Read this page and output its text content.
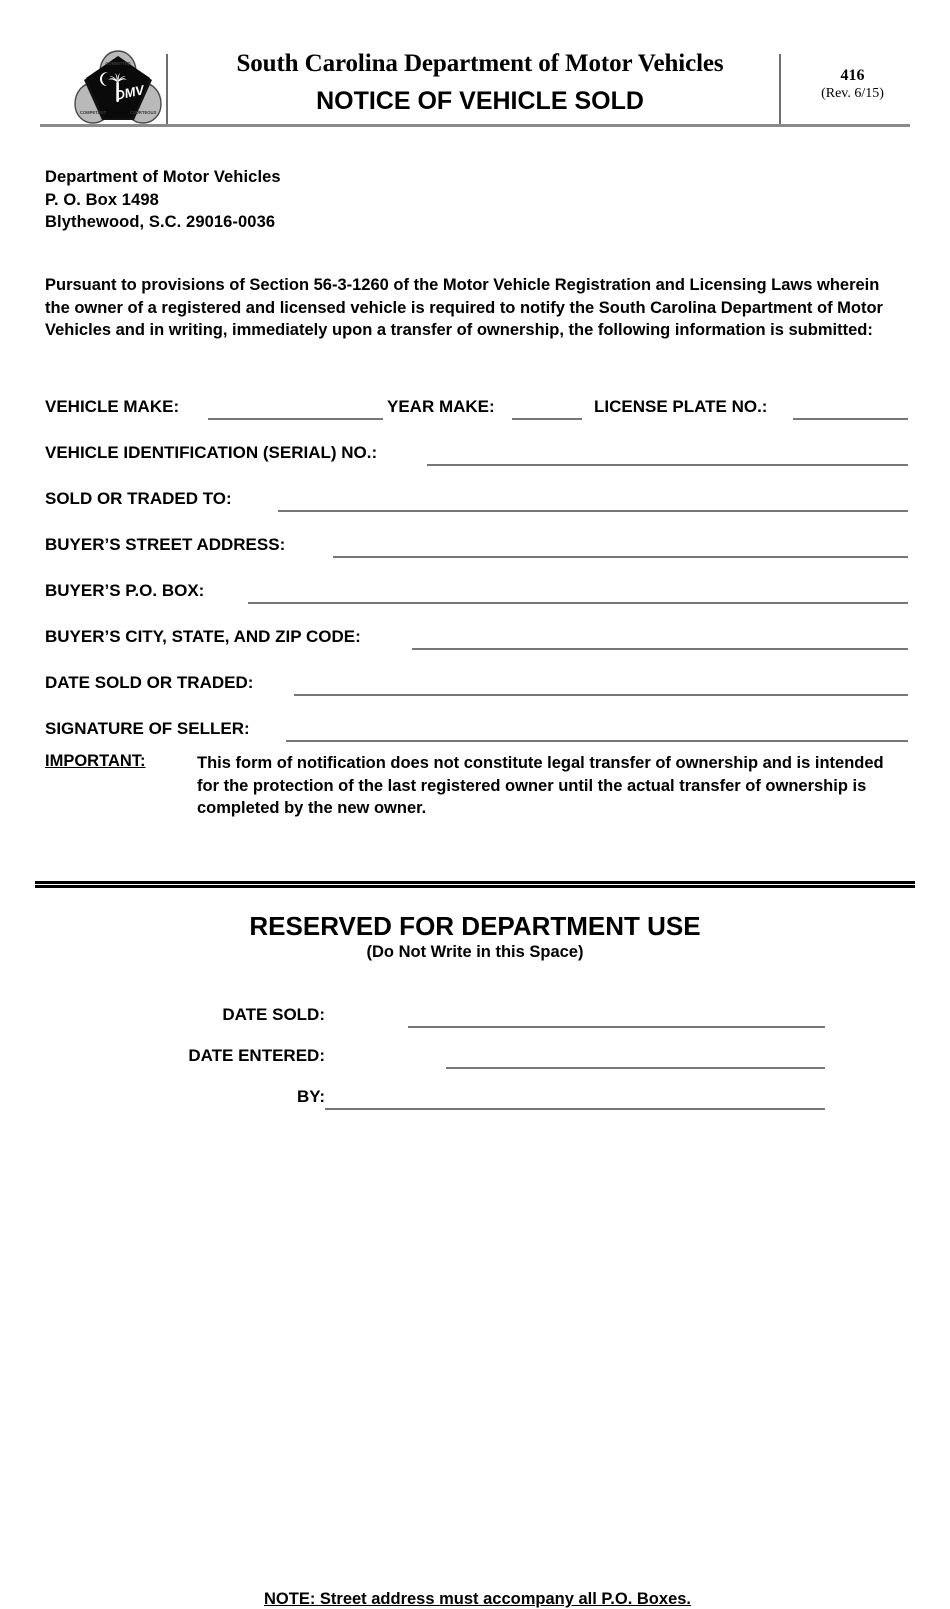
COMMITTED
COMPETENT	COURTEOUS
DMV
South Carolina Department of Motor Vehicles
NOTICE OF VEHICLE SOLD
416
(Rev. 6/15)
Department of Motor Vehicles
P. O. Box 1498
Blythewood, S.C. 29016-0036
Pursuant to provisions of Section 56-3-1260 of the Motor Vehicle Registration and Licensing Laws wherein the owner of a registered and licensed vehicle is required to notify the South Carolina Department of Motor Vehicles and in writing, immediately upon a transfer of ownership, the following information is submitted:
VEHICLE MAKE:	YEAR MAKE:	LICENSE PLATE NO.:
VEHICLE IDENTIFICATION (SERIAL) NO.:
SOLD OR TRADED TO:
BUYER’S STREET ADDRESS:
BUYER’S P.O. BOX:
BUYER’S CITY, STATE, AND ZIP CODE:
DATE SOLD OR TRADED:
SIGNATURE OF SELLER:
IMPORTANT:	This form of notification does not constitute legal transfer of ownership and is intended for the protection of the last registered owner until the actual transfer of ownership is completed by the new owner.
NOTE: Street address must accompany all P.O. Boxes.
RESERVED FOR DEPARTMENT USE
(Do Not Write in this Space)
DATE SOLD:
DATE ENTERED:
BY:
